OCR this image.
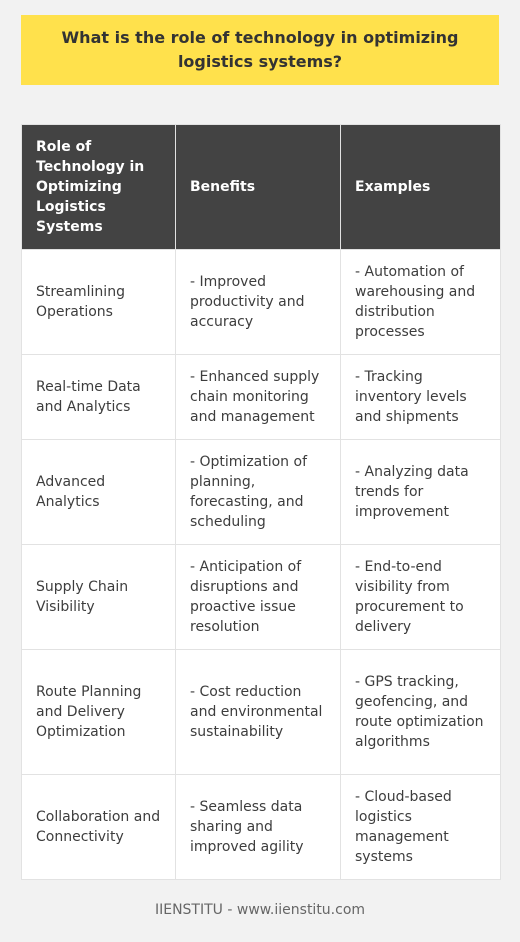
What is the role of technology in optimizing logistics systems?
Role of Technology in Optimizing Logistics Systems	Benefits	Examples
Streamlining Operations	- Improved productivity and accuracy	- Automation of warehousing and distribution processes
Real-time Data and Analytics	- Enhanced supply chain monitoring and management	- Tracking inventory levels and shipments
Advanced Analytics	- Optimization of planning, forecasting, and scheduling	- Analyzing data trends for improvement
Supply Chain Visibility	- Anticipation of disruptions and proactive issue resolution	- End-to-end visibility from procurement to delivery
Route Planning and Delivery Optimization	- Cost reduction and environmental sustainability	- GPS tracking, geofencing, and route optimization algorithms
Collaboration and Connectivity	- Seamless data sharing and improved agility	- Cloud-based logistics management systems
IIENSTITU - www.iienstitu.com
